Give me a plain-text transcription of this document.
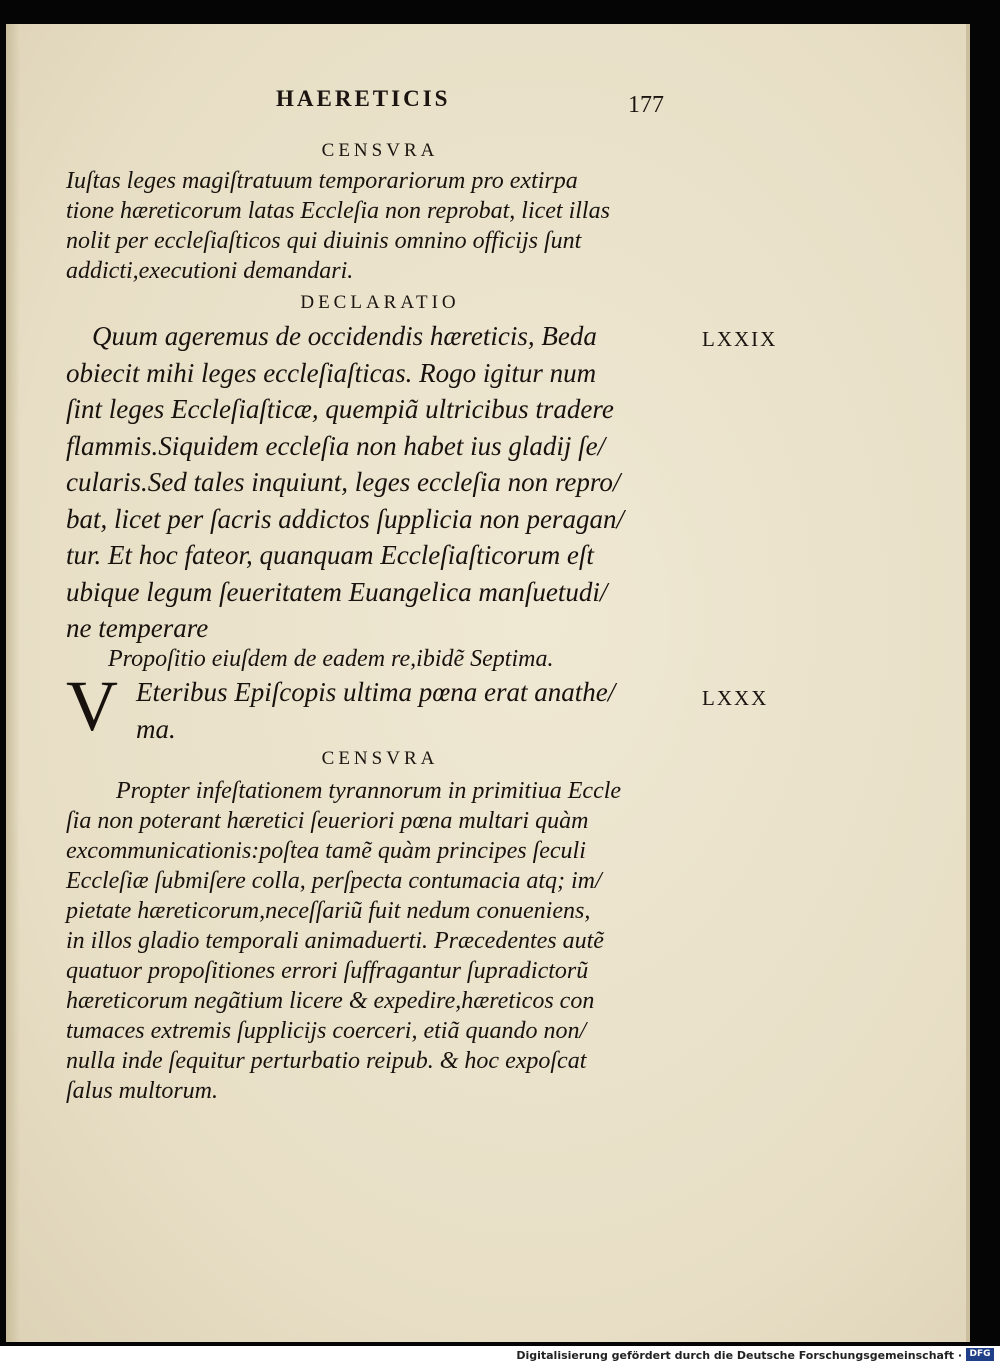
HAERETICIS	177
CENSVRA
Iuſtas leges magiſtratuum temporariorum pro extirpa
tione hæreticorum latas Eccleſia non reprobat, licet illas
nolit per eccleſiaſticos qui diuinis omnino officijs ſunt
addicti,executioni demandari.
DECLARATIO
LXXIX
Quum ageremus de occidendis hæreticis, Beda
obiecit mihi leges eccleſiaſticas. Rogo igitur num
ſint leges Eccleſiaſticæ, quempiã ultricibus tradere
flammis.Siquidem eccleſia non habet ius gladij ſe/
cularis.Sed tales inquiunt, leges eccleſia non repro/
bat, licet per ſacris addictos ſupplicia non peragan/
tur. Et hoc fateor, quanquam Eccleſiaſticorum eſt
ubique legum ſeueritatem Euangelica manſuetudi/
ne temperare
Propoſitio eiuſdem de eadem re,ibidẽ Septima.
V	LXXX
Eteribus Epiſcopis ultima pœna erat anathe/
ma.
CENSVRA
Propter infeſtationem tyrannorum in primitiua Eccle
ſia non poterant hæretici ſeueriori pœna multari quàm
excommunicationis:poſtea tamẽ quàm principes ſeculi
Eccleſiæ ſubmiſere colla, perſpecta contumacia atq; im/
pietate hæreticorum,neceſſariũ fuit nedum conueniens,
in illos gladio temporali animaduerti. Præcedentes autẽ
quatuor propoſitiones errori ſuffragantur ſupradictorũ
hæreticorum negãtium licere & expedire,hæreticos con
tumaces extremis ſupplicijs coerceri, etiã quando non/
nulla inde ſequitur perturbatio reipub. & hoc expoſcat
ſalus multorum.
Digitalisierung gefördert durch die Deutsche Forschungsgemeinschaft · DFG
